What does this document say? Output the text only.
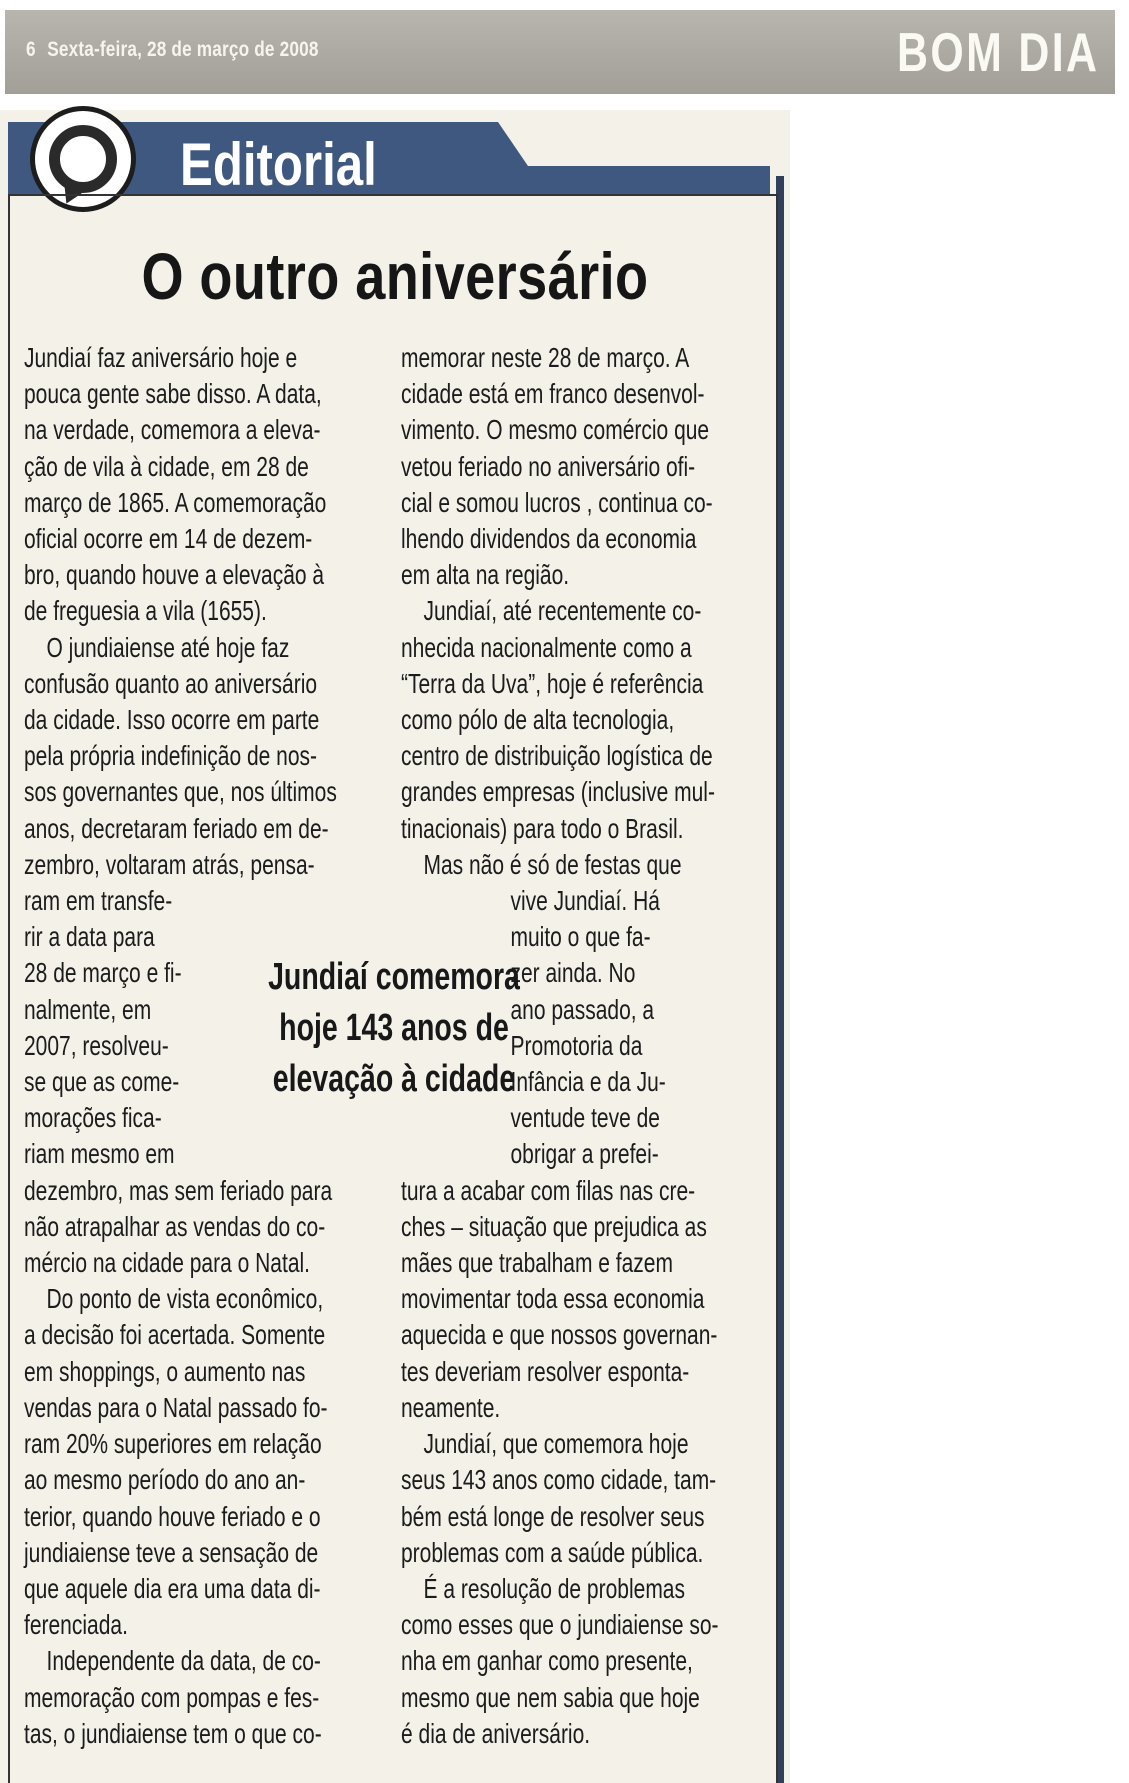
6 Sexta-feira, 28 de março de 2008	BOM DIA
Editorial
O outro aniversário
Jundiaí faz aniversário hoje e
pouca gente sabe disso. A data,
na verdade, comemora a eleva-
ção de vila à cidade, em 28 de
março de 1865. A comemoração
oficial ocorre em 14 de dezem-
bro, quando houve a elevação à
de freguesia a vila (1655).
O jundiaiense até hoje faz
confusão quanto ao aniversário
da cidade. Isso ocorre em parte
pela própria indefinição de nos-
sos governantes que, nos últimos
anos, decretaram feriado em de-
zembro, voltaram atrás, pensa-
ram em transfe-
rir a data para
28 de março e fi-
nalmente, em
2007, resolveu-
se que as come-
morações fica-
riam mesmo em
dezembro, mas sem feriado para
não atrapalhar as vendas do co-
mércio na cidade para o Natal.
Do ponto de vista econômico,
a decisão foi acertada. Somente
em shoppings, o aumento nas
vendas para o Natal passado fo-
ram 20% superiores em relação
ao mesmo período do ano an-
terior, quando houve feriado e o
jundiaiense teve a sensação de
que aquele dia era uma data di-
ferenciada.
Independente da data, de co-
memoração com pompas e fes-
tas, o jundiaiense tem o que co-
memorar neste 28 de março. A
cidade está em franco desenvol-
vimento. O mesmo comércio que
vetou feriado no aniversário ofi-
cial e somou lucros , continua co-
lhendo dividendos da economia
em alta na região.
Jundiaí, até recentemente co-
nhecida nacionalmente como a
“Terra da Uva”, hoje é referência
como pólo de alta tecnologia,
centro de distribuição logística de
grandes empresas (inclusive mul-
tinacionais) para todo o Brasil.
Mas não é só de festas que
vive Jundiaí. Há
muito o que fa-
zer ainda. No
ano passado, a
Promotoria da
Infância e da Ju-
ventude teve de
obrigar a prefei-
tura a acabar com filas nas cre-
ches – situação que prejudica as
mães que trabalham e fazem
movimentar toda essa economia
aquecida e que nossos governan-
tes deveriam resolver esponta-
neamente.
Jundiaí, que comemora hoje
seus 143 anos como cidade, tam-
bém está longe de resolver seus
problemas com a saúde pública.
É a resolução de problemas
como esses que o jundiaiense so-
nha em ganhar como presente,
mesmo que nem sabia que hoje
é dia de aniversário.
Jundiaí comemora
hoje 143 anos de
elevação à cidade
